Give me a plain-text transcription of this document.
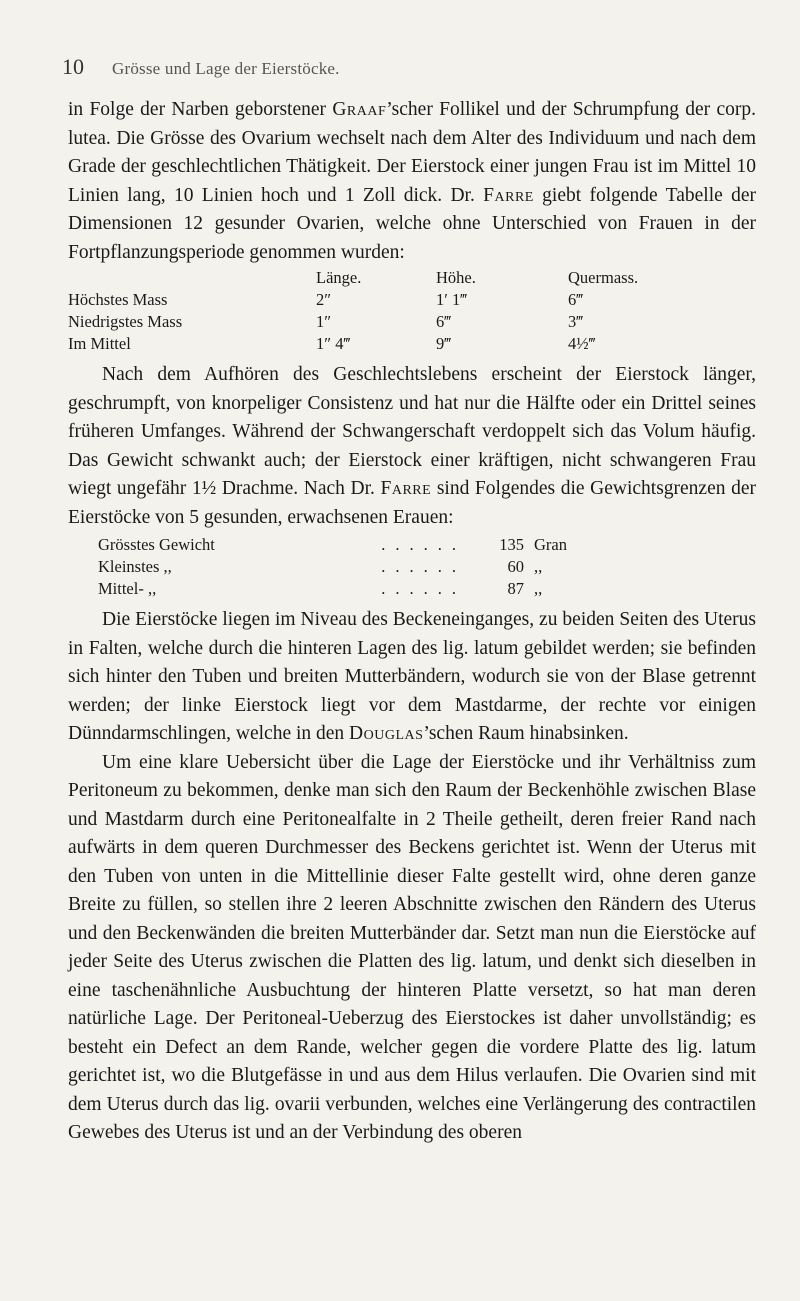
10 Grösse und Lage der Eierstöcke.

in Folge der Narben geborstener Graaf’scher Follikel und der Schrumpfung der corp. lutea. Die Grösse des Ovarium wechselt nach dem Alter des Individuum und nach dem Grade der geschlechtlichen Thätigkeit. Der Eierstock einer jungen Frau ist im Mittel 10 Linien lang, 10 Linien hoch und 1 Zoll dick. Dr. Farre giebt folgende Tabelle der Dimensionen 12 gesunder Ovarien, welche ohne Unterschied von Frauen in der Fortpflanzungsperiode genommen wurden:

	Länge.	Höhe.	Quermass.
Höchstes Mass	2″	1′ 1‴	6‴
Niedrigstes Mass	1″	6‴	3‴
Im Mittel	1″ 4‴	9‴	4½‴

Nach dem Aufhören des Geschlechtslebens erscheint der Eierstock länger, geschrumpft, von knorpeliger Consistenz und hat nur die Hälfte oder ein Drittel seines früheren Umfanges. Während der Schwangerschaft verdoppelt sich das Volum häufig. Das Gewicht schwankt auch; der Eierstock einer kräftigen, nicht schwangeren Frau wiegt ungefähr 1½ Drachme. Nach Dr. Farre sind Folgendes die Gewichtsgrenzen der Eierstöcke von 5 gesunden, erwachsenen Erauen:

Grösstes Gewicht	......	135	Gran
Kleinstes ,,	......	60	,,
Mittel- ,,	......	87	,,

Die Eierstöcke liegen im Niveau des Beckeneinganges, zu beiden Seiten des Uterus in Falten, welche durch die hinteren Lagen des lig. latum gebildet werden; sie befinden sich hinter den Tuben und breiten Mutterbändern, wodurch sie von der Blase getrennt werden; der linke Eierstock liegt vor dem Mastdarme, der rechte vor einigen Dünndarmschlingen, welche in den Douglas’schen Raum hinabsinken.

Um eine klare Uebersicht über die Lage der Eierstöcke und ihr Verhältniss zum Peritoneum zu bekommen, denke man sich den Raum der Beckenhöhle zwischen Blase und Mastdarm durch eine Peritonealfalte in 2 Theile getheilt, deren freier Rand nach aufwärts in dem queren Durchmesser des Beckens gerichtet ist. Wenn der Uterus mit den Tuben von unten in die Mittellinie dieser Falte gestellt wird, ohne deren ganze Breite zu füllen, so stellen ihre 2 leeren Abschnitte zwischen den Rändern des Uterus und den Beckenwänden die breiten Mutterbänder dar. Setzt man nun die Eierstöcke auf jeder Seite des Uterus zwischen die Platten des lig. latum, und denkt sich dieselben in eine taschenähnliche Ausbuchtung der hinteren Platte versetzt, so hat man deren natürliche Lage. Der Peritoneal-Ueberzug des Eierstockes ist daher unvollständig; es besteht ein Defect an dem Rande, welcher gegen die vordere Platte des lig. latum gerichtet ist, wo die Blutgefässe in und aus dem Hilus verlaufen. Die Ovarien sind mit dem Uterus durch das lig. ovarii verbunden, welches eine Verlängerung des contractilen Gewebes des Uterus ist und an der Verbindung des oberen
